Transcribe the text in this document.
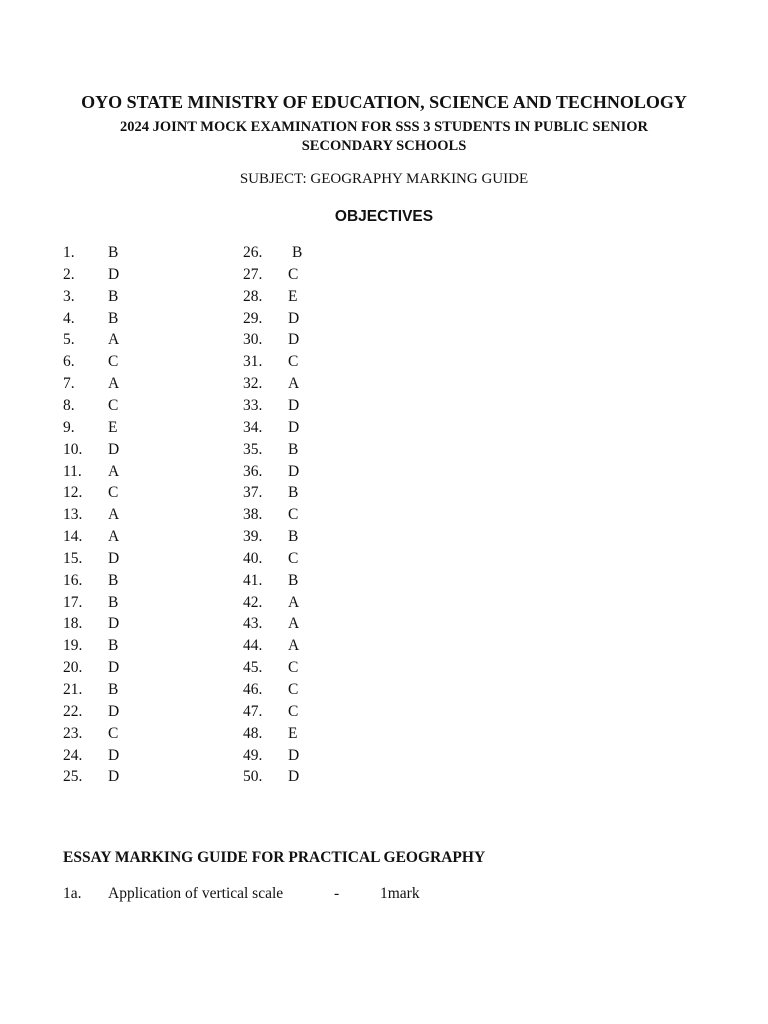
OYO STATE MINISTRY OF EDUCATION, SCIENCE AND TECHNOLOGY
2024 JOINT MOCK EXAMINATION FOR SSS 3 STUDENTS IN PUBLIC SENIOR
SECONDARY SCHOOLS
SUBJECT: GEOGRAPHY MARKING GUIDE
OBJECTIVES
1. B
2. D
3. B
4. B
5. A
6. C
7. A
8. C
9. E
10. D
11. A
12. C
13. A
14. A
15. D
16. B
17. B
18. D
19. B
20. D
21. B
22. D
23. C
24. D
25. D
26. B
27. C
28. E
29. D
30. D
31. C
32. A
33. D
34. D
35. B
36. D
37. B
38. C
39. B
40. C
41. B
42. A
43. A
44. A
45. C
46. C
47. C
48. E
49. D
50. D
ESSAY MARKING GUIDE FOR PRACTICAL GEOGRAPHY
1a. Application of vertical scale	-	1mark
